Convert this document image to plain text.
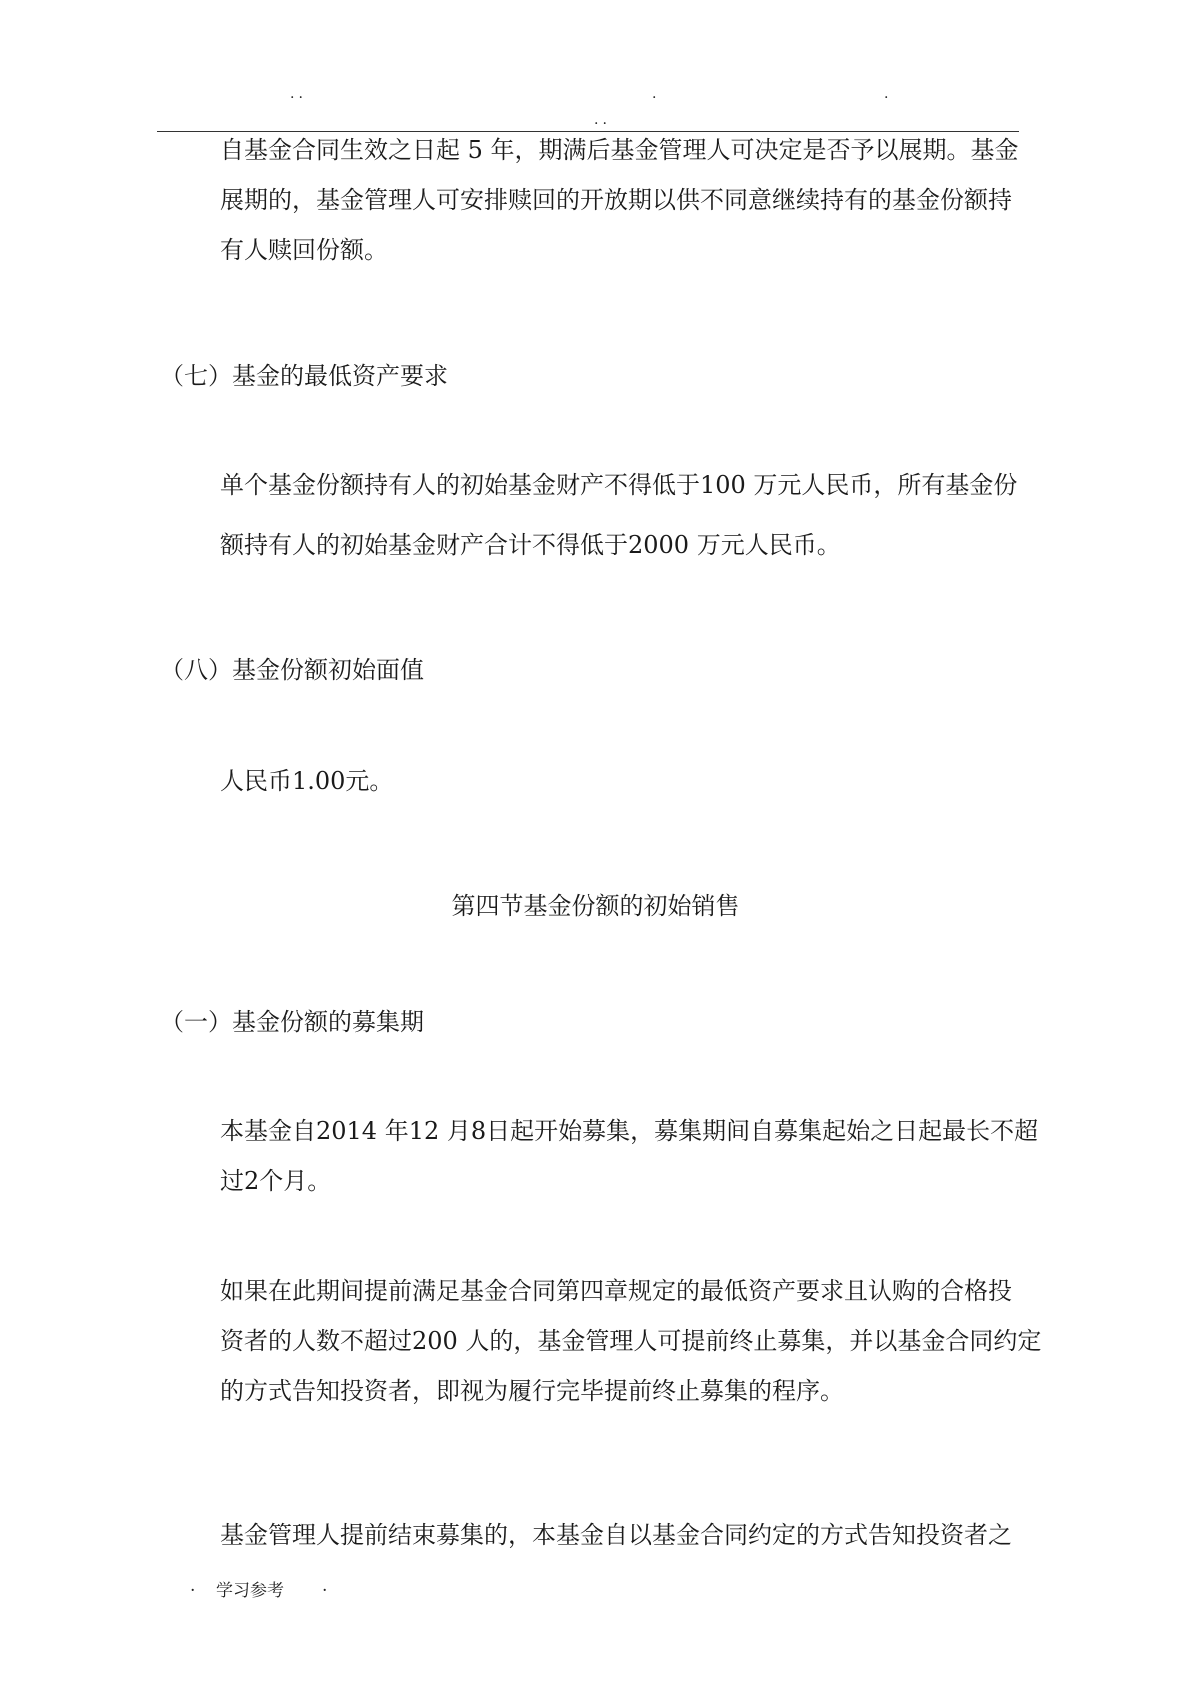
..
..
.	.
自基金合同生效之日起 5 年，期满后基金管理人可决定是否予以展期。基金
展期的，基金管理人可安排赎回的开放期以供不同意继续持有的基金份额持
有人赎回份额。
（七）基金的最低资产要求
单个基金份额持有人的初始基金财产不得低于100 万元人民币，所有基金份
额持有人的初始基金财产合计不得低于2000 万元人民币。
（八）基金份额初始面值
人民币1.00元。
第四节基金份额的初始销售
（一）基金份额的募集期
本基金自2014 年12 月8日起开始募集，募集期间自募集起始之日起最长不超
过2个月。
如果在此期间提前满足基金合同第四章规定的最低资产要求且认购的合格投
资者的人数不超过200 人的，基金管理人可提前终止募集，并以基金合同约定
的方式告知投资者，即视为履行完毕提前终止募集的程序。
基金管理人提前结束募集的，本基金自以基金合同约定的方式告知投资者之
. 学习参考 .
